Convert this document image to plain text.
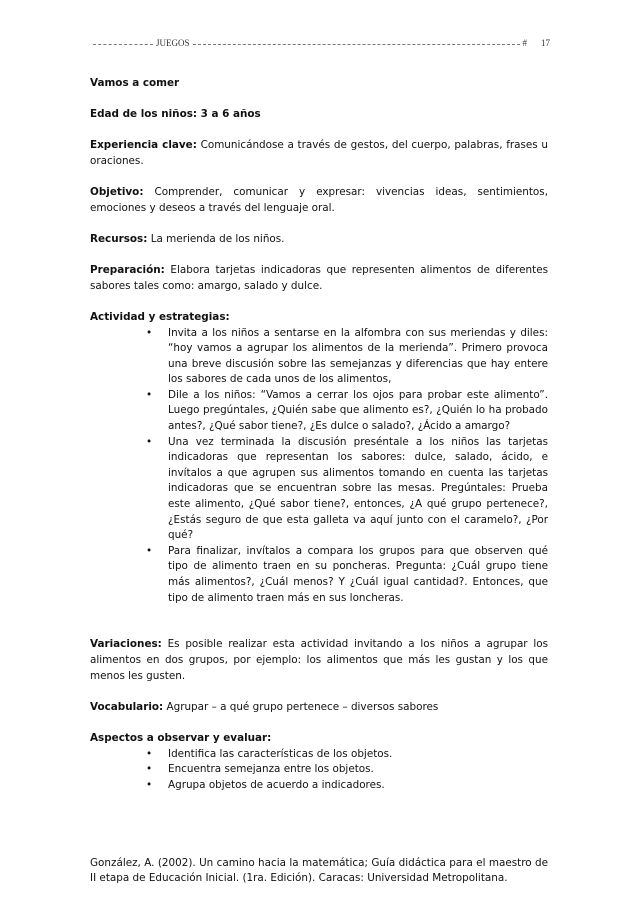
JUEGOS	# 17

Vamos a comer

Edad de los niños: 3 a 6 años

Experiencia clave: Comunicándose a través de gestos, del cuerpo, palabras, frases u oraciones.

Objetivo: Comprender, comunicar y expresar: vivencias ideas, sentimientos, emociones y deseos a través del lenguaje oral.

Recursos: La merienda de los niños.

Preparación: Elabora tarjetas indicadoras que representen alimentos de diferentes sabores tales como: amargo, salado y dulce.

Actividad y estrategias:

• Invita a los niños a sentarse en la alfombra con sus meriendas y diles: “hoy vamos a agrupar los alimentos de la merienda”. Primero provoca una breve discusión sobre las semejanzas y diferencias que hay entere los sabores de cada unos de los alimentos,
• Dile a los niños: “Vamos a cerrar los ojos para probar este alimento”. Luego pregúntales, ¿Quién sabe que alimento es?, ¿Quién lo ha probado antes?, ¿Qué sabor tiene?, ¿Es dulce o salado?, ¿Ácido a amargo?
• Una vez terminada la discusión preséntale a los niños las tarjetas indicadoras que representan los sabores: dulce, salado, ácido, e invítalos a que agrupen sus alimentos tomando en cuenta las tarjetas indicadoras que se encuentran sobre las mesas. Pregúntales: Prueba este alimento, ¿Qué sabor tiene?, entonces, ¿A qué grupo pertenece?, ¿Estás seguro de que esta galleta va aquí junto con el caramelo?, ¿Por qué?
• Para finalizar, invítalos a compara los grupos para que observen qué tipo de alimento traen en su poncheras. Pregunta: ¿Cuál grupo tiene más alimentos?, ¿Cuál menos? Y ¿Cuál igual cantidad?. Entonces, que tipo de alimento traen más en sus loncheras.

Variaciones: Es posible realizar esta actividad invitando a los niños a agrupar los alimentos en dos grupos, por ejemplo: los alimentos que más les gustan y los que menos les gusten.

Vocabulario: Agrupar – a qué grupo pertenece – diversos sabores

Aspectos a observar y evaluar:

• Identifica las características de los objetos.
• Encuentra semejanza entre los objetos.
• Agrupa objetos de acuerdo a indicadores.

González, A. (2002). Un camino hacia la matemática; Guía didáctica para el maestro de II etapa de Educación Inicial. (1ra. Edición). Caracas: Universidad Metropolitana.
